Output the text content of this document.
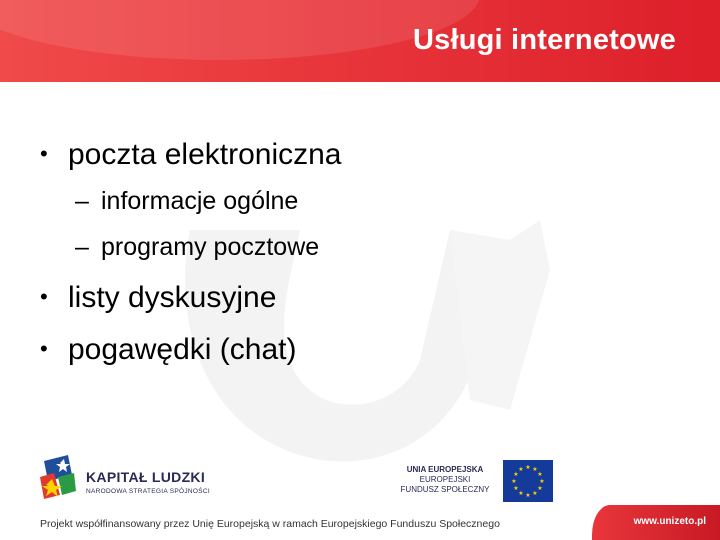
Usługi internetowe
• poczta elektroniczna
– informacje ogólne
– programy pocztowe
• listy dyskusyjne
• pogawędki (chat)
KAPITAŁ LUDZKI
NARODOWA STRATEGIA SPÓJNOŚCI
UNIA EUROPEJSKA
EUROPEJSKI
FUNDUSZ SPOŁECZNY
★ ★
★
★
★
★
★
★
★
★
★
★
Projekt współfinansowany przez Unię Europejską w ramach Europejskiego Funduszu Społecznego	www.unizeto.pl
